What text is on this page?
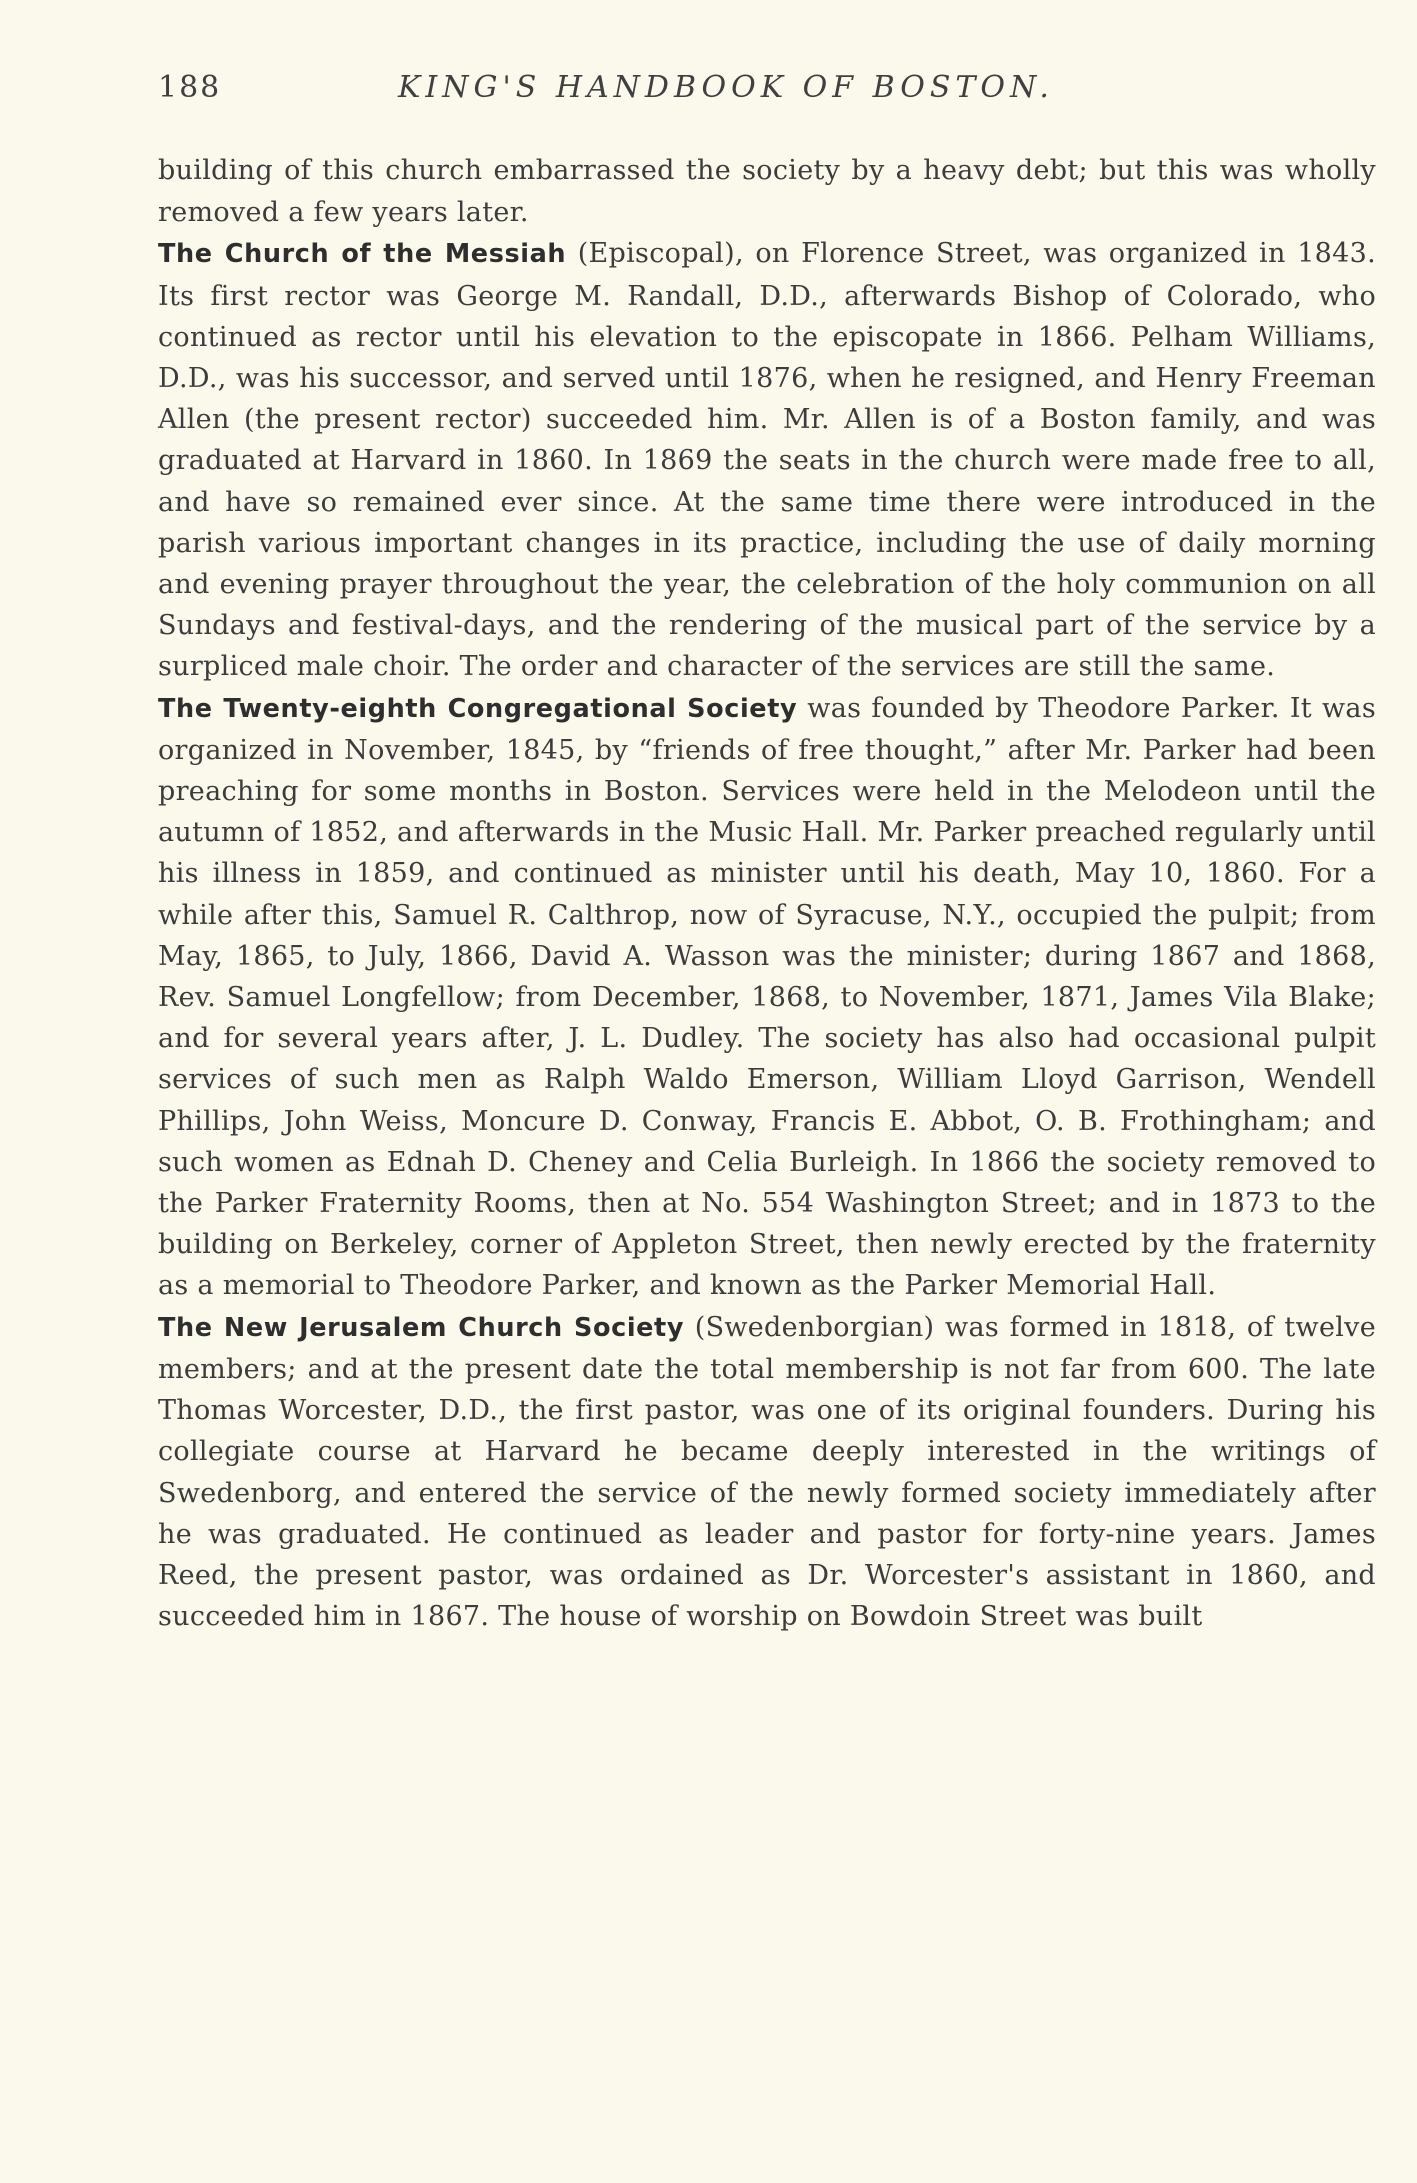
188	KING'S HANDBOOK OF BOSTON.

building of this church embarrassed the society by a heavy debt; but this was wholly removed a few years later.

The Church of the Messiah (Episcopal), on Florence Street, was organized in 1843. Its first rector was George M. Randall, D.D., afterwards Bishop of Colorado, who continued as rector until his elevation to the episcopate in 1866. Pelham Williams, D.D., was his successor, and served until 1876, when he resigned, and Henry Freeman Allen (the present rector) succeeded him. Mr. Allen is of a Boston family, and was graduated at Harvard in 1860. In 1869 the seats in the church were made free to all, and have so remained ever since. At the same time there were introduced in the parish various important changes in its practice, including the use of daily morning and evening prayer throughout the year, the celebration of the holy communion on all Sundays and festival-days, and the rendering of the musical part of the service by a surpliced male choir. The order and character of the services are still the same.

The Twenty-eighth Congregational Society was founded by Theodore Parker. It was organized in November, 1845, by “friends of free thought,” after Mr. Parker had been preaching for some months in Boston. Services were held in the Melodeon until the autumn of 1852, and afterwards in the Music Hall. Mr. Parker preached regularly until his illness in 1859, and continued as minister until his death, May 10, 1860. For a while after this, Samuel R. Calthrop, now of Syracuse, N.Y., occupied the pulpit; from May, 1865, to July, 1866, David A. Wasson was the minister; during 1867 and 1868, Rev. Samuel Longfellow; from December, 1868, to November, 1871, James Vila Blake; and for several years after, J. L. Dudley. The society has also had occasional pulpit services of such men as Ralph Waldo Emerson, William Lloyd Garrison, Wendell Phillips, John Weiss, Moncure D. Conway, Francis E. Abbot, O. B. Frothingham; and such women as Ednah D. Cheney and Celia Burleigh. In 1866 the society removed to the Parker Fraternity Rooms, then at No. 554 Washington Street; and in 1873 to the building on Berkeley, corner of Appleton Street, then newly erected by the fraternity as a memorial to Theodore Parker, and known as the Parker Memorial Hall.

The New Jerusalem Church Society (Swedenborgian) was formed in 1818, of twelve members; and at the present date the total membership is not far from 600. The late Thomas Worcester, D.D., the first pastor, was one of its original founders. During his collegiate course at Harvard he became deeply interested in the writings of Swedenborg, and entered the service of the newly formed society immediately after he was graduated. He continued as leader and pastor for forty-nine years. James Reed, the present pastor, was ordained as Dr. Worcester's assistant in 1860, and succeeded him in 1867. The house of worship on Bowdoin Street was built
